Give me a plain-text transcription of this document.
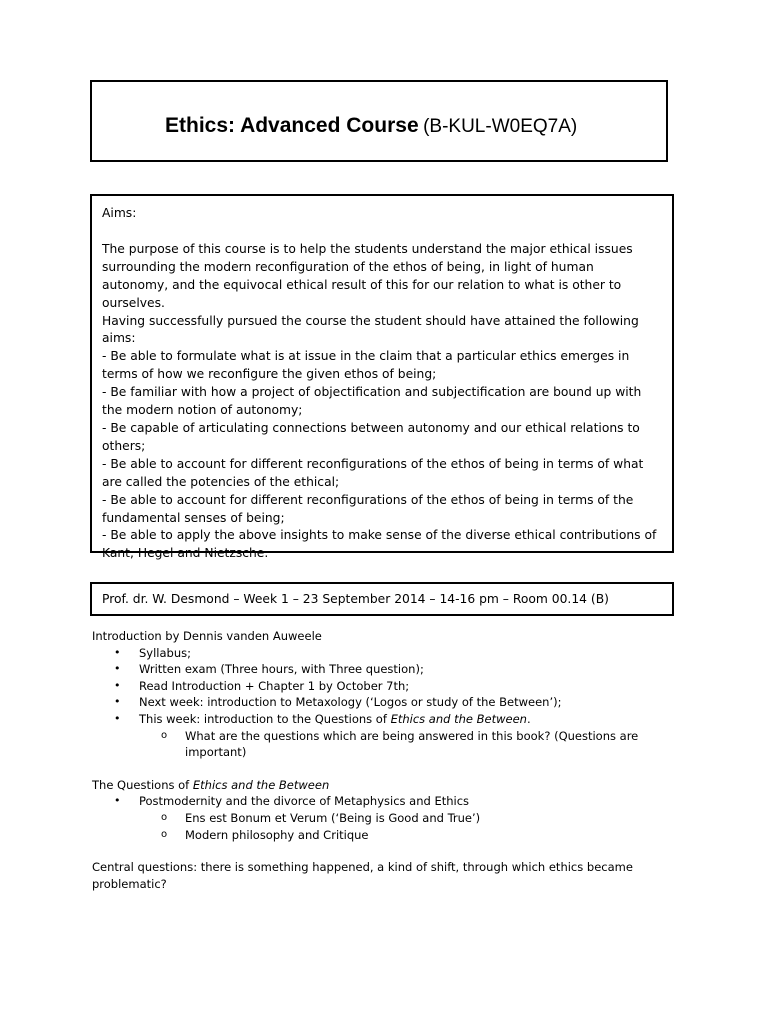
Ethics: Advanced Course (B-KUL-W0EQ7A)
Aims:

The purpose of this course is to help the students understand the major ethical issues surrounding the modern reconfiguration of the ethos of being, in light of human autonomy, and the equivocal ethical result of this for our relation to what is other to ourselves.

Having successfully pursued the course the student should have attained the following aims:

- Be able to formulate what is at issue in the claim that a particular ethics emerges in terms of how we reconfigure the given ethos of being;

- Be familiar with how a project of objectification and subjectification are bound up with the modern notion of autonomy;

- Be capable of articulating connections between autonomy and our ethical relations to others;

- Be able to account for different reconfigurations of the ethos of being in terms of what are called the potencies of the ethical;

- Be able to account for different reconfigurations of the ethos of being in terms of the fundamental senses of being;

- Be able to apply the above insights to make sense of the diverse ethical contributions of Kant, Hegel and Nietzsche.

Prof. dr. W. Desmond – Week 1 – 23 September 2014 – 14-16 pm – Room 00.14 (B)

Introduction by Dennis vanden Auweele

• Syllabus;
• Written exam (Three hours, with Three question);
• Read Introduction + Chapter 1 by October 7th;
• Next week: introduction to Metaxology (‘Logos or study of the Between’);
• This week: introduction to the Questions of Ethics and the Between.
o What are the questions which are being answered in this book? (Questions are important)

The Questions of Ethics and the Between

• Postmodernity and the divorce of Metaphysics and Ethics
o Ens est Bonum et Verum (‘Being is Good and True’)
o Modern philosophy and Critique

Central questions: there is something happened, a kind of shift, through which ethics became problematic?
